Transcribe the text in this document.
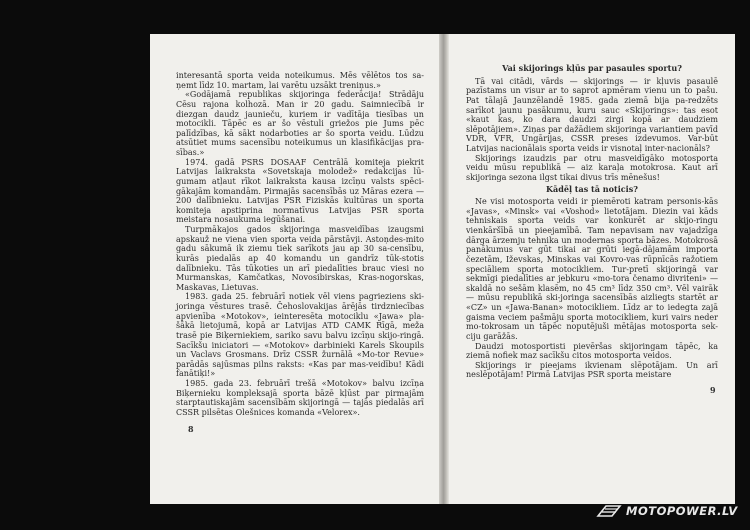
interesantā sporta veida noteikumus. Mēs vēlētos tos sa-ņemt līdz 10. martam, lai varētu uzsākt treniņus.»

«Godājamā republikas skijoringa federācija! Strādāju Cēsu rajona kolhozā. Man ir 20 gadu. Saimniecībā ir diezgan daudz jaunieču, kuriem ir vadītāja tiesības un motocikli. Tāpēc es ar šo vēstuli griežos pie Jums pēc palīdzības, kā sākt nodarboties ar šo sporta veidu. Lūdzu atsūtiet mums sacensību noteikumus un klasifikācijas pra-sības.»

1974. gadā PSRS DOSAAF Centrālā komiteja piekrit Latvijas laikraksta «Sovetskaja molodež» redakcijas lū-gumam atļaut rīkot laikraksta kausa izcīņu valsts spēci-gākajām komandām. Pirmajās sacensībās uz Māras ezera — 200 dalībnieku. Latvijas PSR Fiziskās kultūras un sporta komiteja apstiprina normatīvus Latvijas PSR sporta meistara nosaukuma iegūšanai.

Turpmākajos gados skijoringa masveidības izaugsmi apskauž ne viena vien sporta veida pārstāvji. Astoņdes-mito gadu sākumā ik ziemu tiek sarīkots jau ap 30 sa-censību, kurās piedalās ap 40 komandu un gandrīz tūk-stotis dalībnieku. Tās tūkoties un arī piedalīties brauc viesi no Murmanskas, Kamčatkas, Novosibirskas, Kras-nogorskas, Maskavas, Lietuvas.

1983. gada 25. februārī notiek vēl viens pagrieziens ski-joringa vēstures trasē. Čehoslovakijas ārējās tirdzniecības apvienība «Motokov», ieinteresēta motociklu «Jawa» pla-šākā lietojumā, kopā ar Latvijas ATD CAMK Rīgā, meža trasē pie Biķerniekiem, sariko savu balvu izcīņu skijo-ringā. Sacīkšu iniciatori — «Motokov» darbinieki Karels Skoupils un Vaclavs Grosmans. Drīz CSSR žurnālā «Mo-tor Revue» parādās sajūsmas pilns raksts: «Kas par mas-veidību! Kādi fanātiķi!»

1985. gada 23. februārī trešā «Motokov» balvu izcīņa Biķernieku kompleksajā sporta bāzē kļūst par pirmajām starptautiskajām sacensībām skijoringā — tajās piedalās arī CSSR pilsētas Olešnices komanda «Velorex».

8
Vai skijorings kļūs par pasaules sportu?

Tā vai citādi, vārds — skijorings — ir kļuvis pasaulē pazīstams un visur ar to saprot apmēram vienu un to pašu. Pat tālajā Jaunzēlandē 1985. gada ziemā bija pa-redzēts sarīkot jaunu pasākumu, kuru sauc «Skijorings»: tas esot «kaut kas, ko dara daudzi zirgi kopā ar daudziem slēpotājiem». Ziņas par dažādiem skijoringa variantiem pavīd VDR, VFR, Ungārijas, CSSR preses izdevumos. Var-būt Latvijas nacionālais sporta veids ir visnotaļ inter-nacionāls?

Skijorings izaudzis par otru masveidīgāko motosporta veidu mūsu republikā — aiz karaļa motokrosa. Kaut arī skijoringa sezona ilgst tikai divus trīs mēnešus!

Kādēļ tas tā noticis?

Ne visi motosporta veidi ir piemēroti katram personis-kās «Javas», «Minsk» vai «Voshod» lietotājam. Diezin vai kāds tehniskais sporta veids var konkurēt ar skijo-ringu vienkāršībā un pieejamībā. Tam nepavisam nav vajadzīga dārga ārzemju tehnika un modernas sporta bāzes. Motokrosā panākumus var gūt tikai ar grūti iegā-dājamām importa čezetām, Iževskas, Minskas vai Kovro-vas rūpnīcās ražotiem speciāliem sporta motocikliem. Tur-pretī skijoringā var sekmīgi piedalīties ar jebkuru «mo-tora čenamo divriteni» — skaldā no sešām klasēm, no 45 cm³ līdz 350 cm³. Vēl vairāk — mūsu republikā ski-joringa sacensībās aizliegts startēt ar «CZ» un «Jawa-Banan» motocikliem. Līdz ar to iedegta zajā gaisma veciem pašmāju sporta motocikliem, kuri vairs neder mo-tokrosam un tāpēc noputējuši mētājas motosporta sek-ciju garāžās.

Daudzi motosportisti pievēršas skijoringam tāpēc, ka ziemā nofiek maz sacīkšu citos motosporta veidos.

Skijorings ir pieejams ikvienam slēpotājam. Un arī neslēpotājam! Pirmā Latvijas PSR sporta meistare

9
MOTOPOWER.LV
